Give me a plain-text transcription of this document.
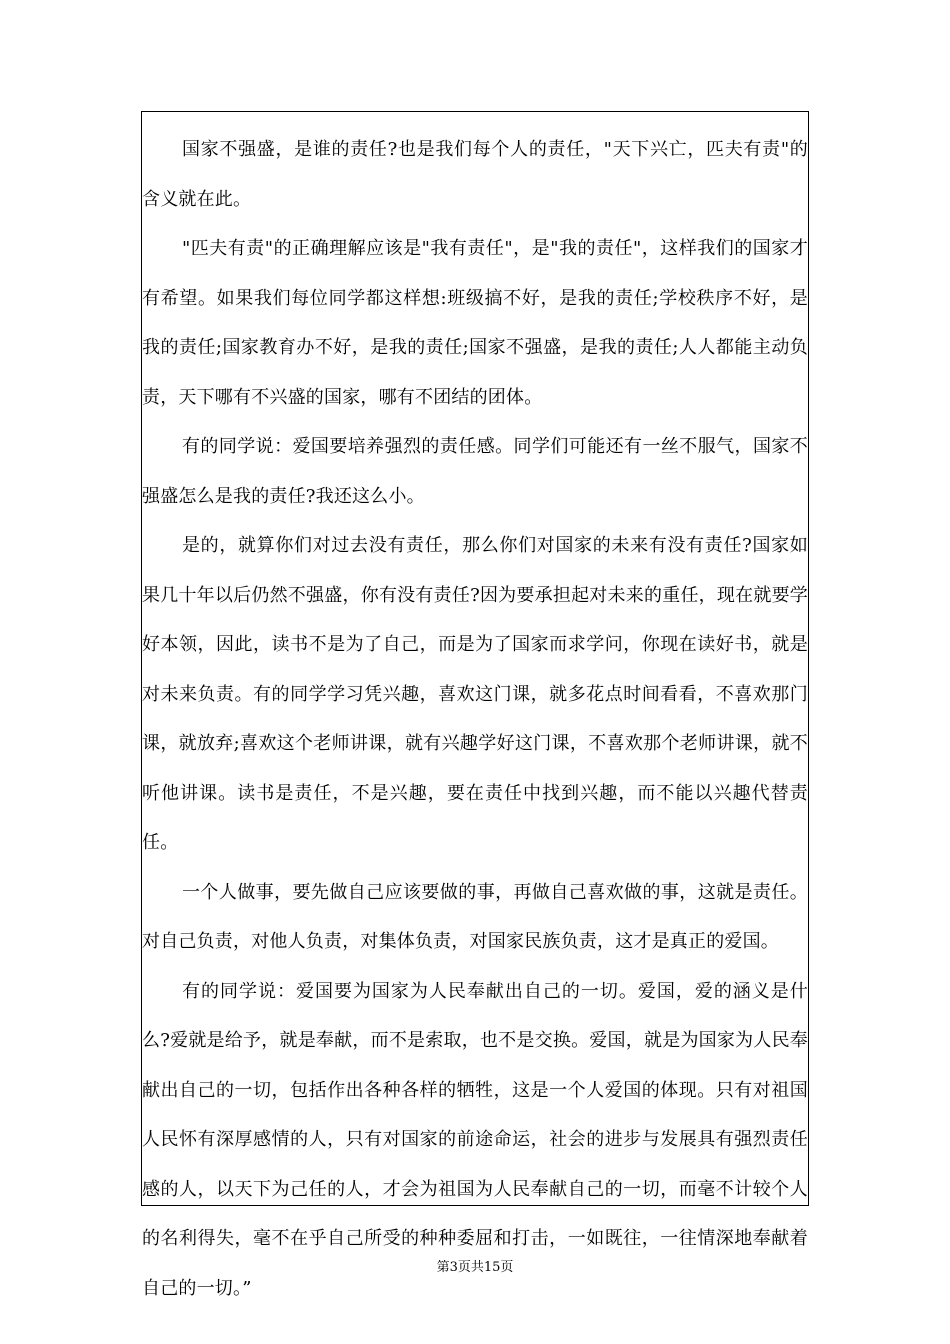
国家不强盛，是谁的责任?也是我们每个人的责任，"天下兴亡，匹夫有责"的含义就在此。

"匹夫有责"的正确理解应该是"我有责任"，是"我的责任"，这样我们的国家才有希望。如果我们每位同学都这样想:班级搞不好，是我的责任;学校秩序不好，是我的责任;国家教育办不好，是我的责任;国家不强盛，是我的责任;人人都能主动负责，天下哪有不兴盛的国家，哪有不团结的团体。

有的同学说：爱国要培养强烈的责任感。同学们可能还有一丝不服气，国家不强盛怎么是我的责任?我还这么小。

是的，就算你们对过去没有责任，那么你们对国家的未来有没有责任?国家如果几十年以后仍然不强盛，你有没有责任?因为要承担起对未来的重任，现在就要学好本领，因此，读书不是为了自己，而是为了国家而求学问，你现在读好书，就是对未来负责。有的同学学习凭兴趣，喜欢这门课，就多花点时间看看，不喜欢那门课，就放弃;喜欢这个老师讲课，就有兴趣学好这门课，不喜欢那个老师讲课，就不听他讲课。读书是责任，不是兴趣，要在责任中找到兴趣，而不能以兴趣代替责任。

一个人做事，要先做自己应该要做的事，再做自己喜欢做的事，这就是责任。对自己负责，对他人负责，对集体负责，对国家民族负责，这才是真正的爱国。

有的同学说：爱国要为国家为人民奉献出自己的一切。爱国，爱的涵义是什么?爱就是给予，就是奉献，而不是索取，也不是交换。爱国，就是为国家为人民奉献出自己的一切，包括作出各种各样的牺牲，这是一个人爱国的体现。只有对祖国人民怀有深厚感情的人，只有对国家的前途命运，社会的进步与发展具有强烈责任感的人，以天下为己任的人，才会为祖国为人民奉献自己的一切，而毫不计较个人的名利得失，毫不在乎自己所受的种种委屈和打击，一如既往，一往情深地奉献着自己的一切。”

第3页共15页
